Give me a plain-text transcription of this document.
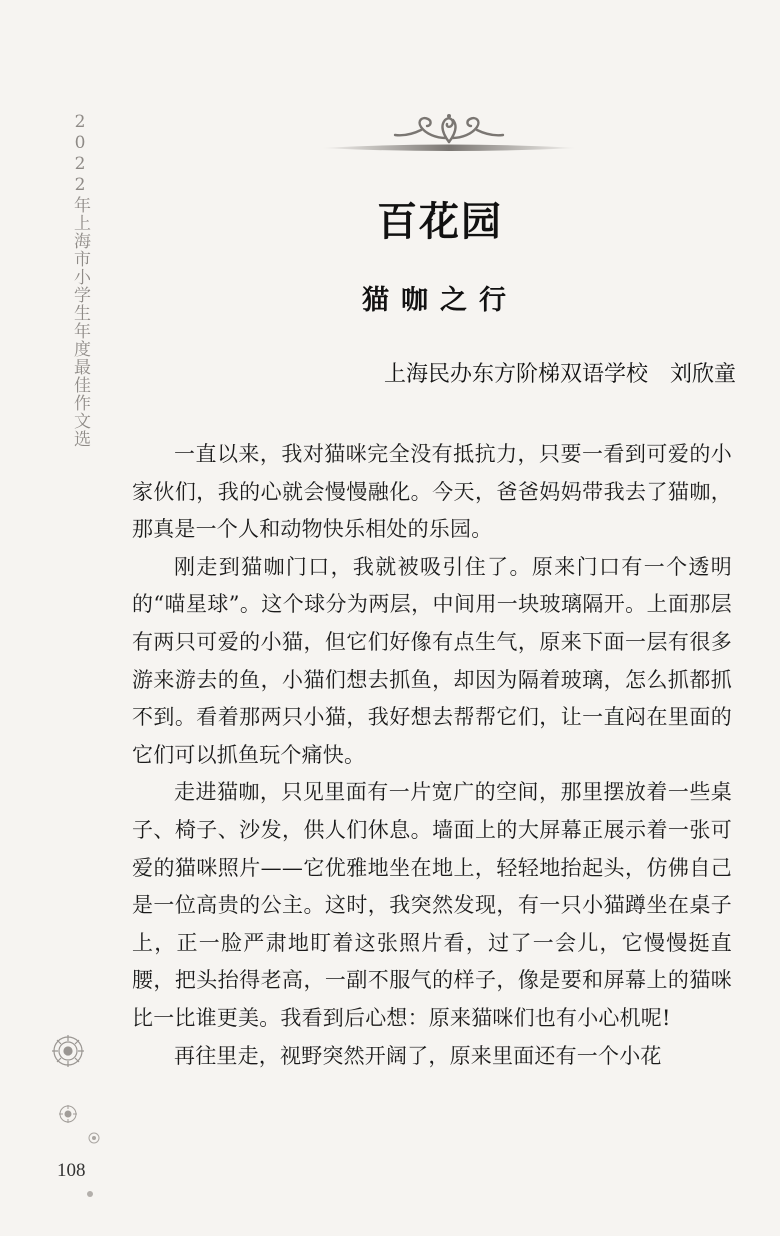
2022年上海市小学生年度最佳作文选	百花园
猫咖之行
上海民办东方阶梯双语学校 刘欣童

一直以来，我对猫咪完全没有抵抗力，只要一看到可爱的小家伙们，我的心就会慢慢融化。今天，爸爸妈妈带我去了猫咖，那真是一个人和动物快乐相处的乐园。

刚走到猫咖门口，我就被吸引住了。原来门口有一个透明的“喵星球”。这个球分为两层，中间用一块玻璃隔开。上面那层有两只可爱的小猫，但它们好像有点生气，原来下面一层有很多游来游去的鱼，小猫们想去抓鱼，却因为隔着玻璃，怎么抓都抓不到。看着那两只小猫，我好想去帮帮它们，让一直闷在里面的它们可以抓鱼玩个痛快。

走进猫咖，只见里面有一片宽广的空间，那里摆放着一些桌子、椅子、沙发，供人们休息。墙面上的大屏幕正展示着一张可爱的猫咪照片——它优雅地坐在地上，轻轻地抬起头，仿佛自己是一位高贵的公主。这时，我突然发现，有一只小猫蹲坐在桌子上，正一脸严肃地盯着这张照片看，过了一会儿，它慢慢挺直腰，把头抬得老高，一副不服气的样子，像是要和屏幕上的猫咪比一比谁更美。我看到后心想：原来猫咪们也有小心机呢!

再往里走，视野突然开阔了，原来里面还有一个小花

108
